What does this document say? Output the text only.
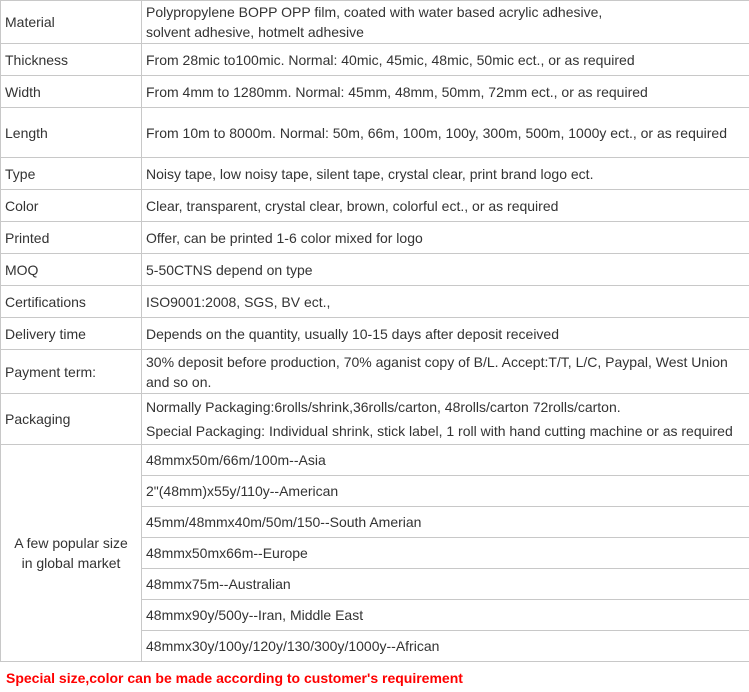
Material	Polypropylene BOPP OPP film, coated with water based acrylic adhesive,
solvent adhesive, hotmelt adhesive

Thickness	From 28mic to100mic. Normal: 40mic, 45mic, 48mic, 50mic ect., or as required

Width	From 4mm to 1280mm. Normal: 45mm, 48mm, 50mm, 72mm ect., or as required

Length	From 10m to 8000m. Normal: 50m, 66m, 100m, 100y, 300m, 500m, 1000y ect., or as required

Type	Noisy tape, low noisy tape, silent tape, crystal clear, print brand logo ect.

Color	Clear, transparent, crystal clear, brown, colorful ect., or as required

Printed	Offer, can be printed 1-6 color mixed for logo

MOQ	5-50CTNS depend on type

Certifications	ISO9001:2008, SGS, BV ect.,

Delivery time	Depends on the quantity, usually 10-15 days after deposit received

Payment term:	30% deposit before production, 70% aganist copy of B/L. Accept:T/T, L/C, Paypal, West Union
and so on.

Packaging	Normally Packaging:6rolls/shrink,36rolls/carton, 48rolls/carton 72rolls/carton.
Special Packaging: Individual shrink, stick label, 1 roll with hand cutting machine or as required

A few popular size
in global market	48mmx50m/66m/100m--Asia

	2"(48mm)x55y/110y--American

	45mm/48mmx40m/50m/150--South Amerian

	48mmx50mx66m--Europe

	48mmx75m--Australian

	48mmx90y/500y--Iran, Middle East

	48mmx30y/100y/120y/130/300y/1000y--African
Special size,color can be made according to customer's requirement
